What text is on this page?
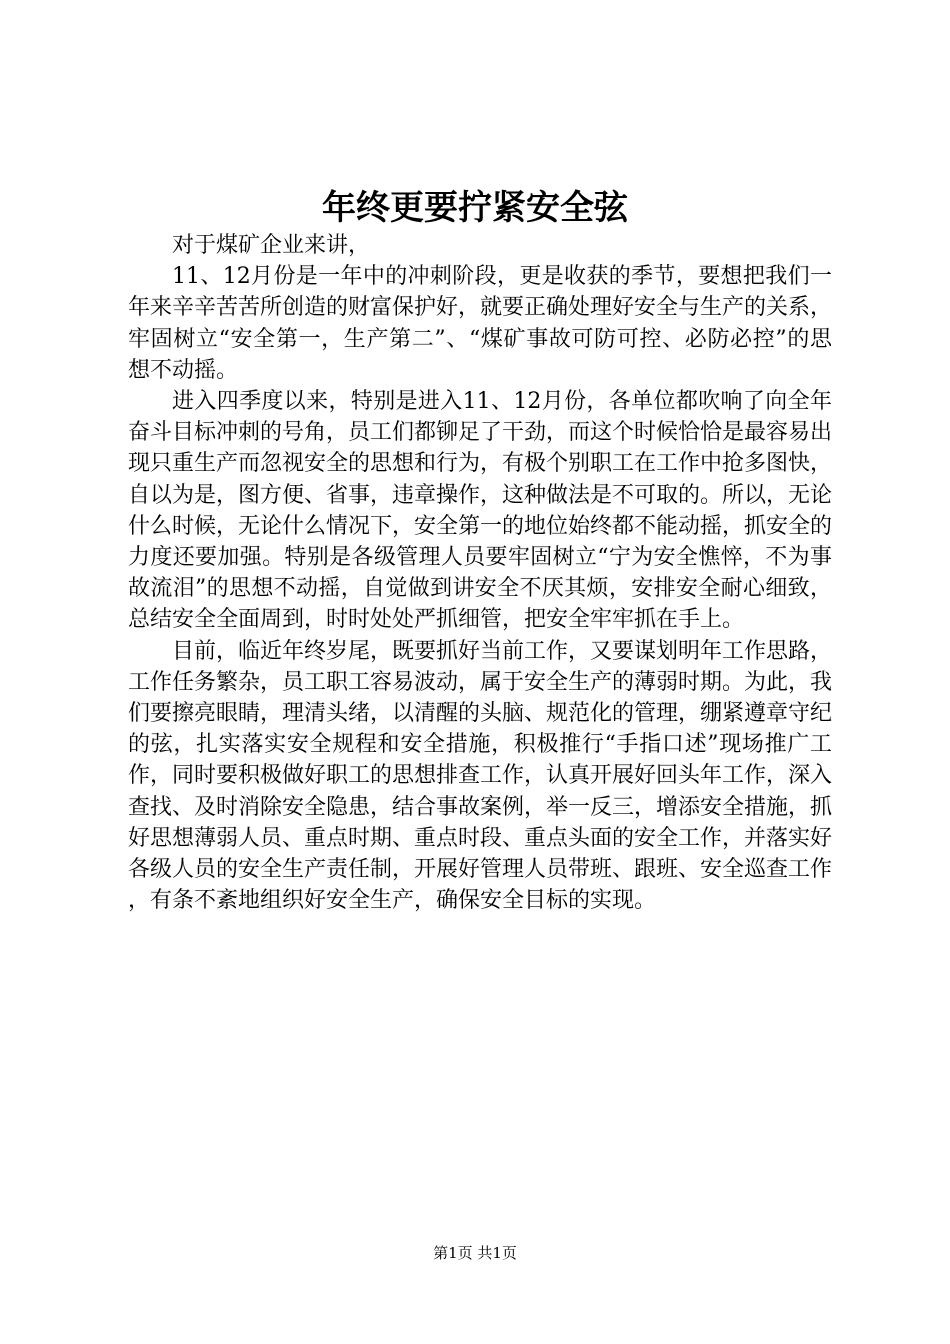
年终更要拧紧安全弦

对于煤矿企业来讲，

11、12月份是一年中的冲刺阶段，更是收获的季节，要想把我们一年来辛辛苦苦所创造的财富保护好，就要正确处理好安全与生产的关系，牢固树立“安全第一，生产第二”、“煤矿事故可防可控、必防必控”的思想不动摇。

进入四季度以来，特别是进入11、12月份，各单位都吹响了向全年奋斗目标冲刺的号角，员工们都铆足了干劲，而这个时候恰恰是最容易出现只重生产而忽视安全的思想和行为，有极个别职工在工作中抢多图快，自以为是，图方便、省事，违章操作，这种做法是不可取的。所以，无论什么时候，无论什么情况下，安全第一的地位始终都不能动摇，抓安全的力度还要加强。特别是各级管理人员要牢固树立“宁为安全憔悴，不为事故流泪”的思想不动摇，自觉做到讲安全不厌其烦，安排安全耐心细致，总结安全全面周到，时时处处严抓细管，把安全牢牢抓在手上。

目前，临近年终岁尾，既要抓好当前工作，又要谋划明年工作思路，工作任务繁杂，员工职工容易波动，属于安全生产的薄弱时期。为此，我们要擦亮眼睛，理清头绪，以清醒的头脑、规范化的管理，绷紧遵章守纪的弦，扎实落实安全规程和安全措施，积极推行“手指口述”现场推广工作，同时要积极做好职工的思想排查工作，认真开展好回头年工作，深入查找、及时消除安全隐患，结合事故案例，举一反三，增添安全措施，抓好思想薄弱人员、重点时期、重点时段、重点头面的安全工作，并落实好各级人员的安全生产责任制，开展好管理人员带班、跟班、安全巡查工作，有条不紊地组织好安全生产，确保安全目标的实现。

第1页 共1页
